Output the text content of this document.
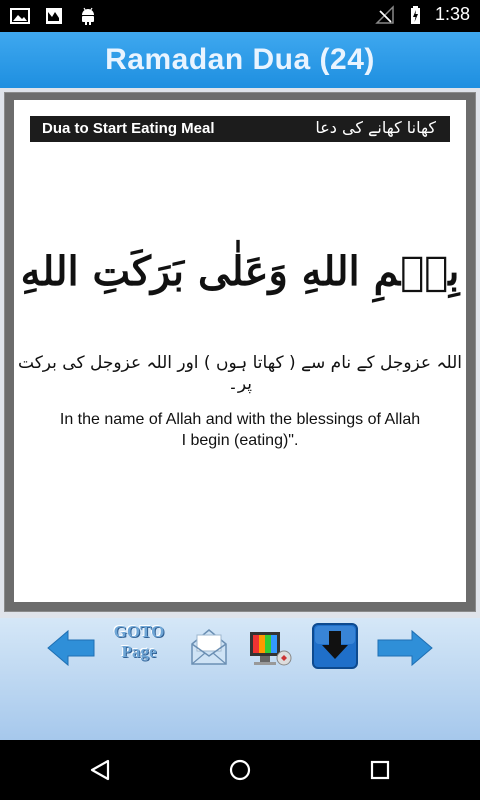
1:38
Ramadan Dua (24)
Dua to Start Eating Meal	کھانا کھانے کی دعا
بِسۡمِ اللهِ وَعَلٰى بَرَكَتِ اللهِ
اللہ عزوجل کے نام سے ( کھاتا ہوں ) اور اللہ عزوجل کی برکت پر۔
In the name of Allah and with the blessings of Allah
I begin (eating)".
GOTO
Page
